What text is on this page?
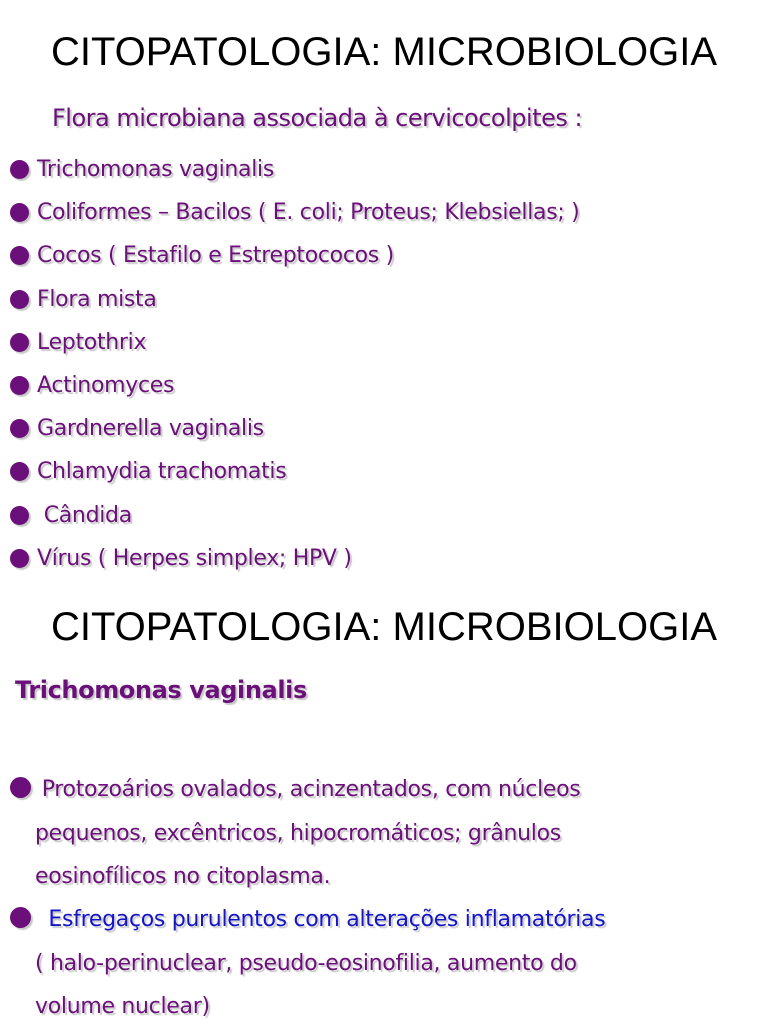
CITOPATOLOGIA: MICROBIOLOGIA
Flora microbiana associada à cervicocolpites :
Trichomonas vaginalis
Coliformes – Bacilos ( E. coli; Proteus; Klebsiellas; )
Cocos ( Estafilo e Estreptococos )
Flora mista
Leptothrix
Actinomyces
Gardnerella vaginalis
Chlamydia trachomatis
Cândida
Vírus ( Herpes simplex; HPV )
CITOPATOLOGIA: MICROBIOLOGIA
Trichomonas vaginalis
Protozoários ovalados, acinzentados, com núcleos
pequenos, excêntricos, hipocromáticos; grânulos
eosinofílicos no citoplasma.
Esfregaços purulentos com alterações inflamatórias
( halo-perinuclear, pseudo-eosinofilia, aumento do
volume nuclear)
